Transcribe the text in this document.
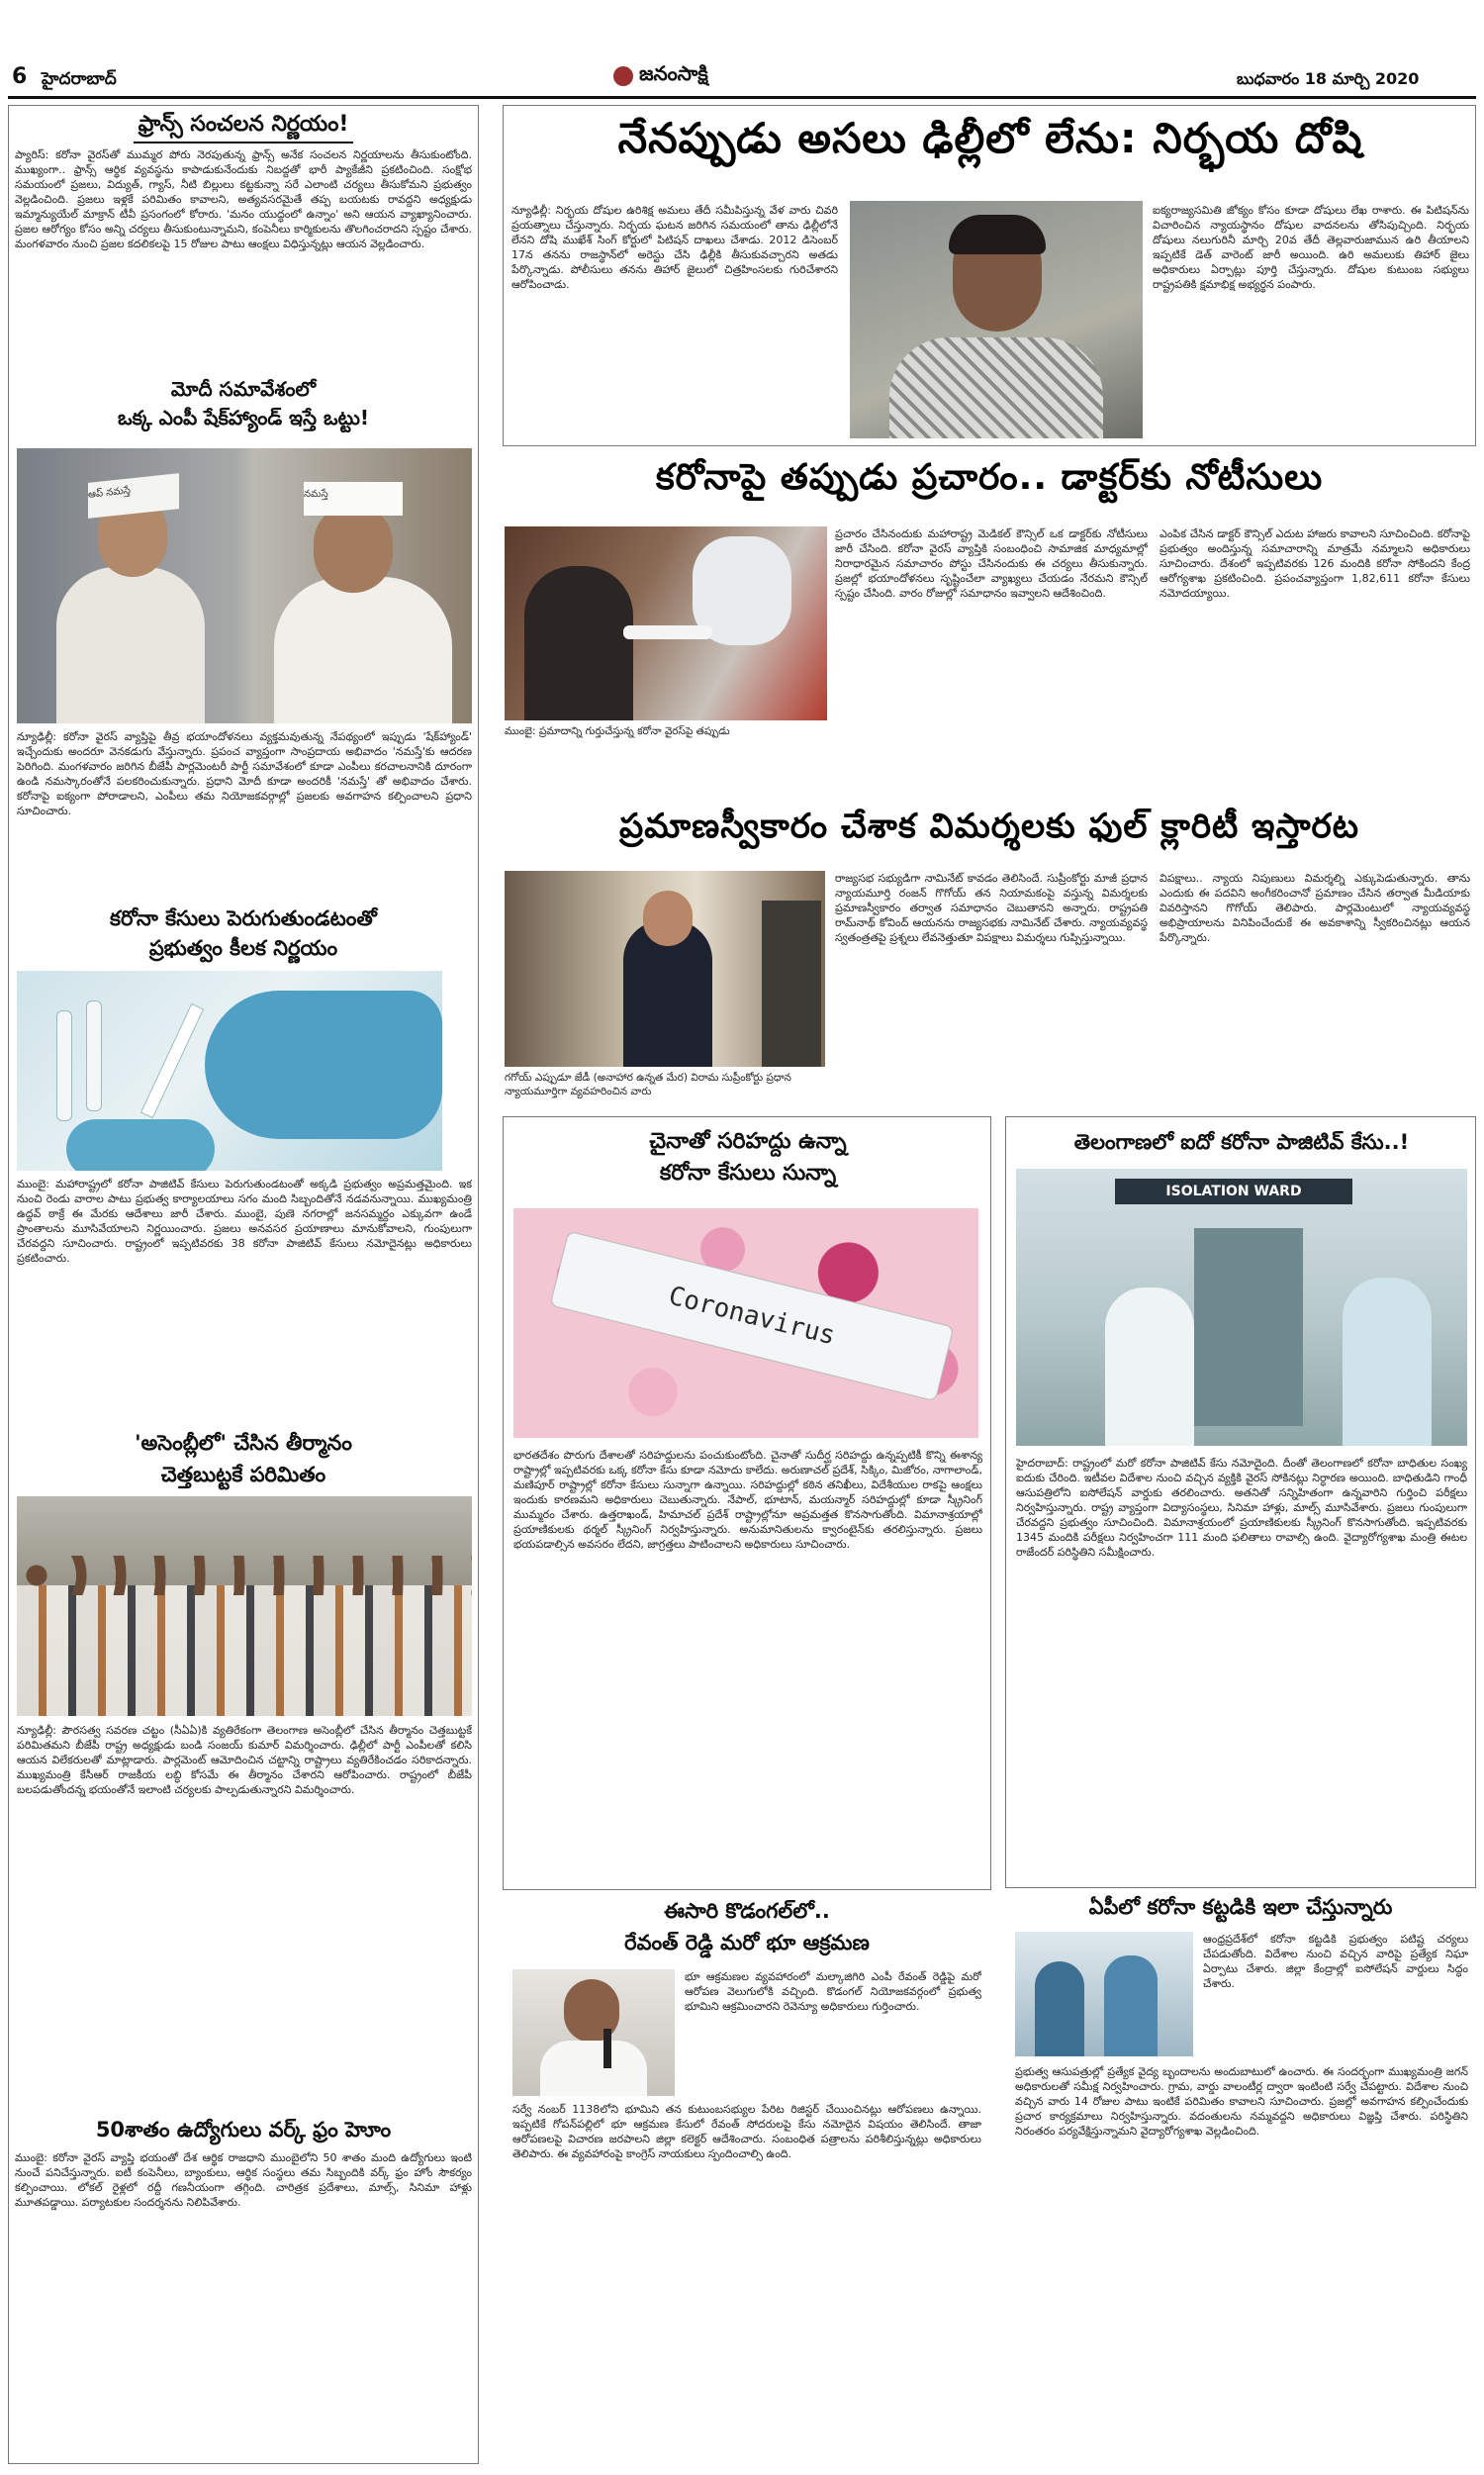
6 హైదరాబాద్	జనంసాక్షి	బుధవారం 18 మార్చి 2020
ఫ్రాన్స్ సంచలన నిర్ణయం!

ప్యారిస్: కరోనా వైరస్‌తో ముమ్మర పోరు నెరపుతున్న ఫ్రాన్స్ అనేక సంచలన నిర్ణయాలను తీసుకుంటోంది. ముఖ్యంగా.. ఫ్రాన్స్ ఆర్థిక వ్యవస్థను కాపాడుకునేందుకు నిబద్దతో భారీ ప్యాకేజీని ప్రకటించింది. సంక్షోభ సమయంలో ప్రజలు, విద్యుత్, గ్యాస్, నీటి బిల్లులు కట్టకున్నా సరే ఎలాంటి చర్యలు తీసుకోమని ప్రభుత్వం వెల్లడించింది. ప్రజలు ఇళ్లకే పరిమితం కావాలని, అత్యవసరమైతే తప్ప బయటకు రావద్దని అధ్యక్షుడు ఇమ్మాన్యుయేల్ మాక్రాన్ టీవీ ప్రసంగంలో కోరారు. 'మనం యుద్ధంలో ఉన్నాం' అని ఆయన వ్యాఖ్యానించారు. ప్రజల ఆరోగ్యం కోసం అన్ని చర్యలు తీసుకుంటున్నామని, కంపెనీలు కార్మికులను తొలగించరాదని స్పష్టం చేశారు. మంగళవారం నుంచి ప్రజల కదలికలపై 15 రోజుల పాటు ఆంక్షలు విధిస్తున్నట్లు ఆయన వెల్లడించారు.

మోదీ సమావేశంలో
ఒక్క ఎంపీ షేక్‌హ్యాండ్ ఇస్తే ఒట్టు!
ఆప్ నమస్తే	నమస్తే

న్యూఢిల్లీ: కరోనా వైరస్ వ్యాప్తిపై తీవ్ర భయాందోళనలు వ్యక్తమవుతున్న నేపథ్యంలో ఇప్పుడు 'షేక్‌హ్యాండ్' ఇచ్చేందుకు అందరూ వెనకడుగు వేస్తున్నారు. ప్రపంచ వ్యాప్తంగా సాంప్రదాయ అభివాదం 'నమస్తే'కు ఆదరణ పెరిగింది. మంగళవారం జరిగిన బీజేపీ పార్లమెంటరీ పార్టీ సమావేశంలో కూడా ఎంపీలు కరచాలనానికి దూరంగా ఉండి నమస్కారంతోనే పలకరించుకున్నారు. ప్రధాని మోదీ కూడా అందరికీ 'నమస్తే' తో అభివాదం చేశారు. కరోనాపై ఐక్యంగా పోరాడాలని, ఎంపీలు తమ నియోజకవర్గాల్లో ప్రజలకు అవగాహన కల్పించాలని ప్రధాని సూచించారు.

కరోనా కేసులు పెరుగుతుండటంతో
ప్రభుత్వం కీలక నిర్ణయం

ముంబై: మహారాష్ట్రలో కరోనా పాజిటివ్ కేసులు పెరుగుతుండటంతో అక్కడి ప్రభుత్వం అప్రమత్తమైంది. ఇక నుంచి రెండు వారాల పాటు ప్రభుత్వ కార్యాలయాలు సగం మంది సిబ్బందితోనే నడవనున్నాయి. ముఖ్యమంత్రి ఉద్ధవ్ ఠాక్రే ఈ మేరకు ఆదేశాలు జారీ చేశారు. ముంబై, పుణె నగరాల్లో జనసమ్మర్దం ఎక్కువగా ఉండే ప్రాంతాలను మూసివేయాలని నిర్ణయించారు. ప్రజలు అనవసర ప్రయాణాలు మానుకోవాలని, గుంపులుగా చేరవద్దని సూచించారు. రాష్ట్రంలో ఇప్పటివరకు 38 కరోనా పాజిటివ్ కేసులు నమోదైనట్లు అధికారులు ప్రకటించారు.

'అసెంబ్లీలో' చేసిన తీర్మానం
చెత్తబుట్టకే పరిమితం

న్యూఢిల్లీ: పౌరసత్వ సవరణ చట్టం (సీఏఏ)కి వ్యతిరేకంగా తెలంగాణ అసెంబ్లీలో చేసిన తీర్మానం చెత్తబుట్టకే పరిమితమని బీజేపీ రాష్ట్ర అధ్యక్షుడు బండి సంజయ్ కుమార్ విమర్శించారు. ఢిల్లీలో పార్టీ ఎంపీలతో కలిసి ఆయన విలేకరులతో మాట్లాడారు. పార్లమెంట్ ఆమోదించిన చట్టాన్ని రాష్ట్రాలు వ్యతిరేకించడం సరికాదన్నారు. ముఖ్యమంత్రి కేసీఆర్ రాజకీయ లబ్ధి కోసమే ఈ తీర్మానం చేశారని ఆరోపించారు. రాష్ట్రంలో బీజేపీ బలపడుతోందన్న భయంతోనే ఇలాంటి చర్యలకు పాల్పడుతున్నారని విమర్శించారు.

50శాతం ఉద్యోగులు వర్క్ ఫ్రం హెూం

ముంబై: కరోనా వైరస్ వ్యాప్తి భయంతో దేశ ఆర్థిక రాజధాని ముంబైలోని 50 శాతం మంది ఉద్యోగులు ఇంటి నుంచే పనిచేస్తున్నారు. ఐటీ కంపెనీలు, బ్యాంకులు, ఆర్థిక సంస్థలు తమ సిబ్బందికి వర్క్ ఫ్రం హోం సౌకర్యం కల్పించాయి. లోకల్ రైళ్లలో రద్దీ గణనీయంగా తగ్గింది. చారిత్రక ప్రదేశాలు, మాల్స్, సినిమా హాళ్లు మూతపడ్డాయి. పర్యాటకుల సందర్శనను నిలిపివేశారు.

నేనప్పుడు అసలు ఢిల్లీలో లేను: నిర్భయ దోషి

న్యూఢిల్లీ: నిర్భయ దోషుల ఉరిశిక్ష అమలు తేదీ సమీపిస్తున్న వేళ వారు చివరి ప్రయత్నాలు చేస్తున్నారు. నిర్భయ ఘటన జరిగిన సమయంలో తాను ఢిల్లీలోనే లేనని దోషి ముఖేశ్ సింగ్ కోర్టులో పిటిషన్ దాఖలు చేశాడు. 2012 డిసెంబర్ 17న తనను రాజస్థాన్‌లో అరెస్టు చేసి ఢిల్లీకి తీసుకువచ్చారని అతడు పేర్కొన్నాడు. పోలీసులు తనను తిహార్ జైలులో చిత్రహింసలకు గురిచేశారని ఆరోపించాడు.

ఐక్యరాజ్యసమితి జోక్యం కోసం కూడా దోషులు లేఖ రాశారు. ఈ పిటిషన్‌ను విచారించిన న్యాయస్థానం దోషుల వాదనలను తోసిపుచ్చింది. నిర్భయ దోషులు నలుగురినీ మార్చి 20వ తేదీ తెల్లవారుజామున ఉరి తీయాలని ఇప్పటికే డెత్ వారెంట్ జారీ అయింది. ఉరి అమలుకు తిహార్ జైలు అధికారులు ఏర్పాట్లు పూర్తి చేస్తున్నారు. దోషుల కుటుంబ సభ్యులు రాష్ట్రపతికి క్షమాభిక్ష అభ్యర్థన పంపారు.

కరోనాపై తప్పుడు ప్రచారం.. డాక్టర్‌కు నోటీసులు
ముంబై: ప్రమాదాన్ని గుర్తుచేస్తున్న కరోనా వైరస్‌పై తప్పుడు

ప్రచారం చేసినందుకు మహారాష్ట్ర మెడికల్ కౌన్సిల్ ఒక డాక్టర్‌కు నోటీసులు జారీ చేసింది. కరోనా వైరస్ వ్యాప్తికి సంబంధించి సామాజిక మాధ్యమాల్లో నిరాధారమైన సమాచారం పోస్టు చేసినందుకు ఈ చర్యలు తీసుకున్నారు. ప్రజల్లో భయాందోళనలు సృష్టించేలా వ్యాఖ్యలు చేయడం నేరమని కౌన్సిల్ స్పష్టం చేసింది. వారం రోజుల్లో సమాధానం ఇవ్వాలని ఆదేశించింది.

ఎంపిక చేసిన డాక్టర్ కౌన్సిల్ ఎదుట హాజరు కావాలని సూచించింది. కరోనాపై ప్రభుత్వం అందిస్తున్న సమాచారాన్ని మాత్రమే నమ్మాలని అధికారులు సూచించారు. దేశంలో ఇప్పటివరకు 126 మందికి కరోనా సోకిందని కేంద్ర ఆరోగ్యశాఖ ప్రకటించింది. ప్రపంచవ్యాప్తంగా 1,82,611 కరోనా కేసులు నమోదయ్యాయి.

ప్రమాణస్వీకారం చేశాక విమర్శలకు ఫుల్ క్లారిటీ ఇస్తారట
గగోయ్ ఎప్పుడూ జేడీ (అనాహార ఉన్నత మేర) విరామ సుప్రీంకోర్టు ప్రధాన న్యాయమూర్తిగా వ్యవహరించిన వారు

రాజ్యసభ సభ్యుడిగా నామినేట్ కావడం తెలిసిందే. సుప్రీంకోర్టు మాజీ ప్రధాన న్యాయమూర్తి రంజన్ గొగోయ్ తన నియామకంపై వస్తున్న విమర్శలకు ప్రమాణస్వీకారం తర్వాత సమాధానం చెబుతానని అన్నారు. రాష్ట్రపతి రామ్‌నాథ్ కోవింద్ ఆయనను రాజ్యసభకు నామినేట్ చేశారు. న్యాయవ్యవస్థ స్వతంత్రతపై ప్రశ్నలు లేవనెత్తుతూ విపక్షాలు విమర్శలు గుప్పిస్తున్నాయి.

విపక్షాలు.. న్యాయ నిపుణులు విమర్శల్ని ఎక్కుపెడుతున్నారు. తాను ఎందుకు ఈ పదవిని అంగీకరించానో ప్రమాణం చేసిన తర్వాత మీడియాకు వివరిస్తానని గొగోయ్ తెలిపారు. పార్లమెంటులో న్యాయవ్యవస్థ అభిప్రాయాలను వినిపించేందుకే ఈ అవకాశాన్ని స్వీకరించినట్లు ఆయన పేర్కొన్నారు.

చైనాతో సరిహద్దు ఉన్నా
కరోనా కేసులు సున్నా
Coronavirus

భారతదేశం పొరుగు దేశాలతో సరిహద్దులను పంచుకుంటోంది. చైనాతో సుదీర్ఘ సరిహద్దు ఉన్నప్పటికీ కొన్ని ఈశాన్య రాష్ట్రాల్లో ఇప్పటివరకు ఒక్క కరోనా కేసు కూడా నమోదు కాలేదు. అరుణాచల్ ప్రదేశ్, సిక్కిం, మిజోరం, నాగాలాండ్, మణిపూర్ రాష్ట్రాల్లో కరోనా కేసులు సున్నాగా ఉన్నాయి. సరిహద్దుల్లో కఠిన తనిఖీలు, విదేశీయుల రాకపై ఆంక్షలు ఇందుకు కారణమని అధికారులు చెబుతున్నారు. నేపాల్, భూటాన్, మయన్మార్ సరిహద్దుల్లో కూడా స్క్రీనింగ్ ముమ్మరం చేశారు. ఉత్తరాఖండ్, హిమాచల్ ప్రదేశ్ రాష్ట్రాల్లోనూ అప్రమత్తత కొనసాగుతోంది. విమానాశ్రయాల్లో ప్రయాణికులకు థర్మల్ స్క్రీనింగ్ నిర్వహిస్తున్నారు. అనుమానితులను క్వారంటైన్‌కు తరలిస్తున్నారు. ప్రజలు భయపడాల్సిన అవసరం లేదని, జాగ్రత్తలు పాటించాలని అధికారులు సూచించారు.

ఈసారి కొడంగల్‌లో..
రేవంత్ రెడ్డి మరో భూ ఆక్రమణ

భూ ఆక్రమణల వ్యవహారంలో మల్కాజిగిరి ఎంపీ రేవంత్ రెడ్డిపై మరో ఆరోపణ వెలుగులోకి వచ్చింది. కొడంగల్ నియోజకవర్గంలో ప్రభుత్వ భూమిని ఆక్రమించారని రెవెన్యూ అధికారులు గుర్తించారు.

సర్వే నంబర్ 1138లోని భూమిని తన కుటుంబసభ్యుల పేరిట రిజిస్టర్ చేయించినట్లు ఆరోపణలు ఉన్నాయి. ఇప్పటికే గోపన్‌పల్లిలో భూ ఆక్రమణ కేసులో రేవంత్ సోదరులపై కేసు నమోదైన విషయం తెలిసిందే. తాజా ఆరోపణలపై విచారణ జరపాలని జిల్లా కలెక్టర్ ఆదేశించారు. సంబంధిత పత్రాలను పరిశీలిస్తున్నట్లు అధికారులు తెలిపారు. ఈ వ్యవహారంపై కాంగ్రెస్ నాయకులు స్పందించాల్సి ఉంది.

తెలంగాణలో ఐదో కరోనా పాజిటివ్ కేసు..!
ISOLATION WARD

హైదరాబాద్: రాష్ట్రంలో మరో కరోనా పాజిటివ్ కేసు నమోదైంది. దీంతో తెలంగాణలో కరోనా బాధితుల సంఖ్య ఐదుకు చేరింది. ఇటీవల విదేశాల నుంచి వచ్చిన వ్యక్తికి వైరస్ సోకినట్లు నిర్ధారణ అయింది. బాధితుడిని గాంధీ ఆసుపత్రిలోని ఐసోలేషన్ వార్డుకు తరలించారు. అతనితో సన్నిహితంగా ఉన్నవారిని గుర్తించి పరీక్షలు నిర్వహిస్తున్నారు. రాష్ట్ర వ్యాప్తంగా విద్యాసంస్థలు, సినిమా హాళ్లు, మాల్స్ మూసివేశారు. ప్రజలు గుంపులుగా చేరవద్దని ప్రభుత్వం సూచించింది. విమానాశ్రయంలో ప్రయాణికులకు స్క్రీనింగ్ కొనసాగుతోంది. ఇప్పటివరకు 1345 మందికి పరీక్షలు నిర్వహించగా 111 మంది ఫలితాలు రావాల్సి ఉంది. వైద్యారోగ్యశాఖ మంత్రి ఈటల రాజేందర్ పరిస్థితిని సమీక్షించారు.

ఏపీలో కరోనా కట్టడికి ఇలా చేస్తున్నారు

ఆంధ్రప్రదేశ్‌లో కరోనా కట్టడికి ప్రభుత్వం పటిష్ట చర్యలు చేపడుతోంది. విదేశాల నుంచి వచ్చిన వారిపై ప్రత్యేక నిఘా ఏర్పాటు చేశారు. జిల్లా కేంద్రాల్లో ఐసోలేషన్ వార్డులు సిద్ధం చేశారు.

ప్రభుత్వ ఆసుపత్రుల్లో ప్రత్యేక వైద్య బృందాలను అందుబాటులో ఉంచారు. ఈ సందర్భంగా ముఖ్యమంత్రి జగన్ అధికారులతో సమీక్ష నిర్వహించారు. గ్రామ, వార్డు వాలంటీర్ల ద్వారా ఇంటింటి సర్వే చేపట్టారు. విదేశాల నుంచి వచ్చిన వారు 14 రోజుల పాటు ఇంటికే పరిమితం కావాలని సూచించారు. ప్రజల్లో అవగాహన కల్పించేందుకు ప్రచార కార్యక్రమాలు నిర్వహిస్తున్నారు. వదంతులను నమ్మవద్దని అధికారులు విజ్ఞప్తి చేశారు. పరిస్థితిని నిరంతరం పర్యవేక్షిస్తున్నామని వైద్యారోగ్యశాఖ వెల్లడించింది.
